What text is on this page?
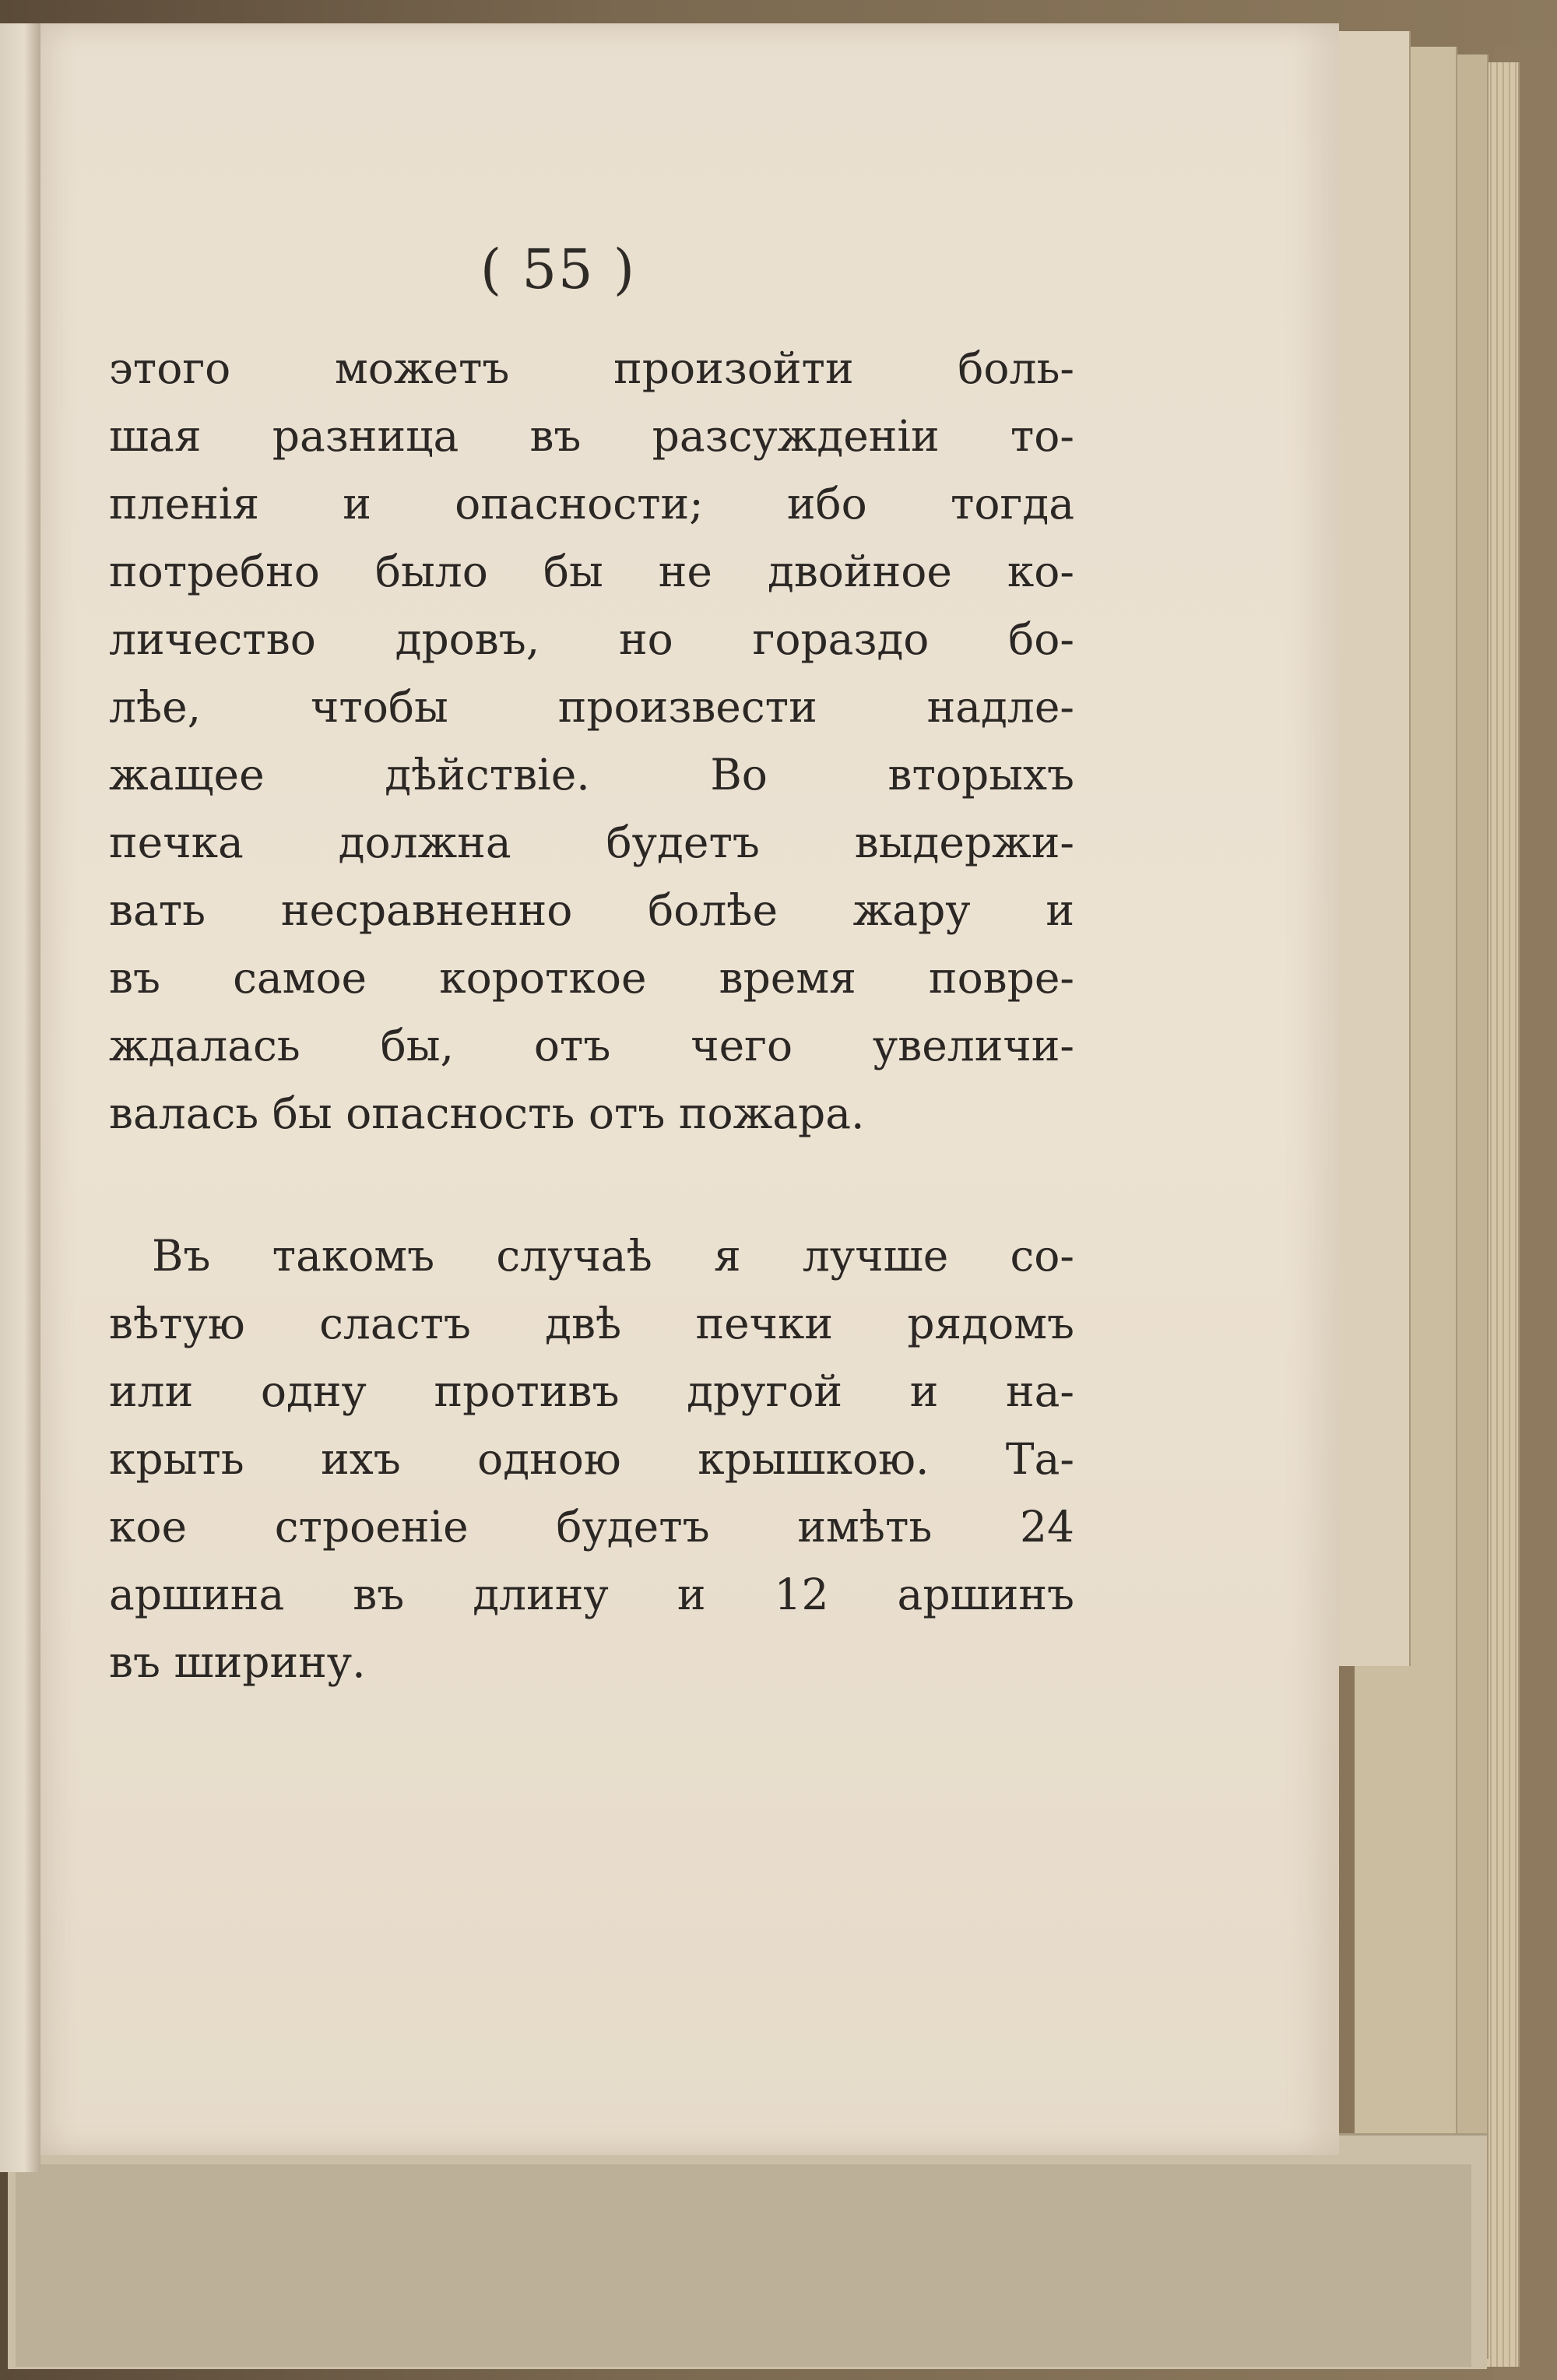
( 55 )
этого можетъ произойти боль-
шая разница въ разсужденіи то-
пленія и опасности; ибо тогда
потребно было бы не двойное ко-
личество дровъ, но гораздо бо-
лѣе, чтобы произвести надле-
жащее дѣйствіе. Во вторыхъ
печка должна будетъ выдержи-
вать несравненно болѣе жару и
въ самое короткое время повре-
ждалась бы, отъ чего увеличи-
валась бы опасность отъ пожара.
Въ такомъ случаѣ я лучше со-
вѣтую сластъ двѣ печки рядомъ
или одну противъ другой и на-
крыть ихъ одною крышкою. Та-
кое строеніе будетъ имѣть 24
аршина въ длину и 12 аршинъ
въ ширину.
